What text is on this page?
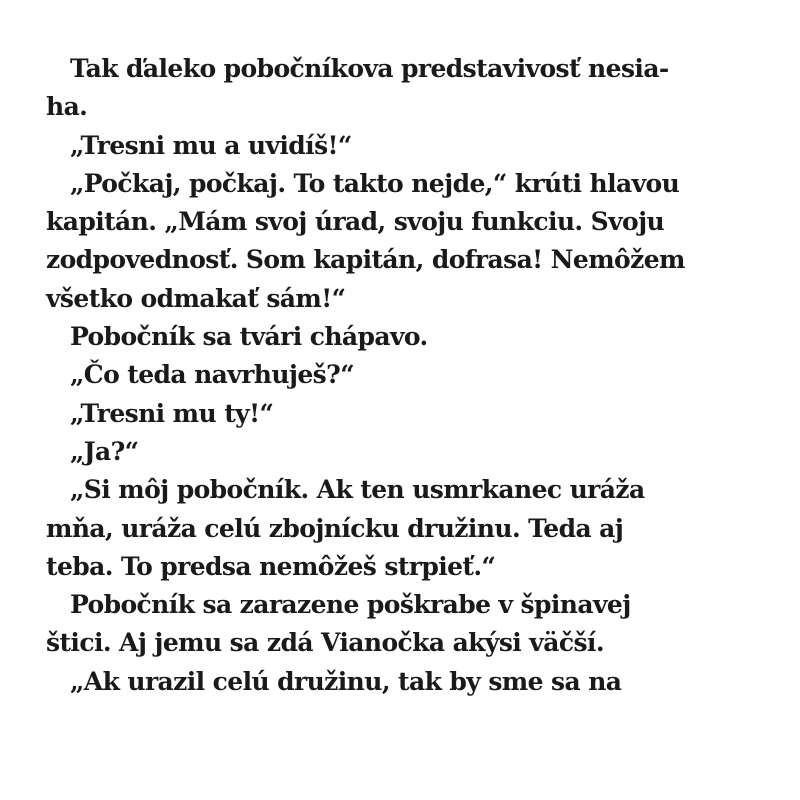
Tak ďaleko pobočníkova predstavivosť nesia-
ha.
„Tresni mu a uvidíš!“
„Počkaj, počkaj. To takto nejde,“ krúti hlavou
kapitán. „Mám svoj úrad, svoju funkciu. Svoju
zodpovednosť. Som kapitán, dofrasa! Nemôžem
všetko odmakať sám!“
Pobočník sa tvári chápavo.
„Čo teda navrhuješ?“
„Tresni mu ty!“
„Ja?“
„Si môj pobočník. Ak ten usmrkanec uráža
mňa, uráža celú zbojnícku družinu. Teda aj
teba. To predsa nemôžeš strpieť.“
Pobočník sa zarazene poškrabe v špinavej
štici. Aj jemu sa zdá Vianočka akýsi väčší.
„Ak urazil celú družinu, tak by sme sa na
